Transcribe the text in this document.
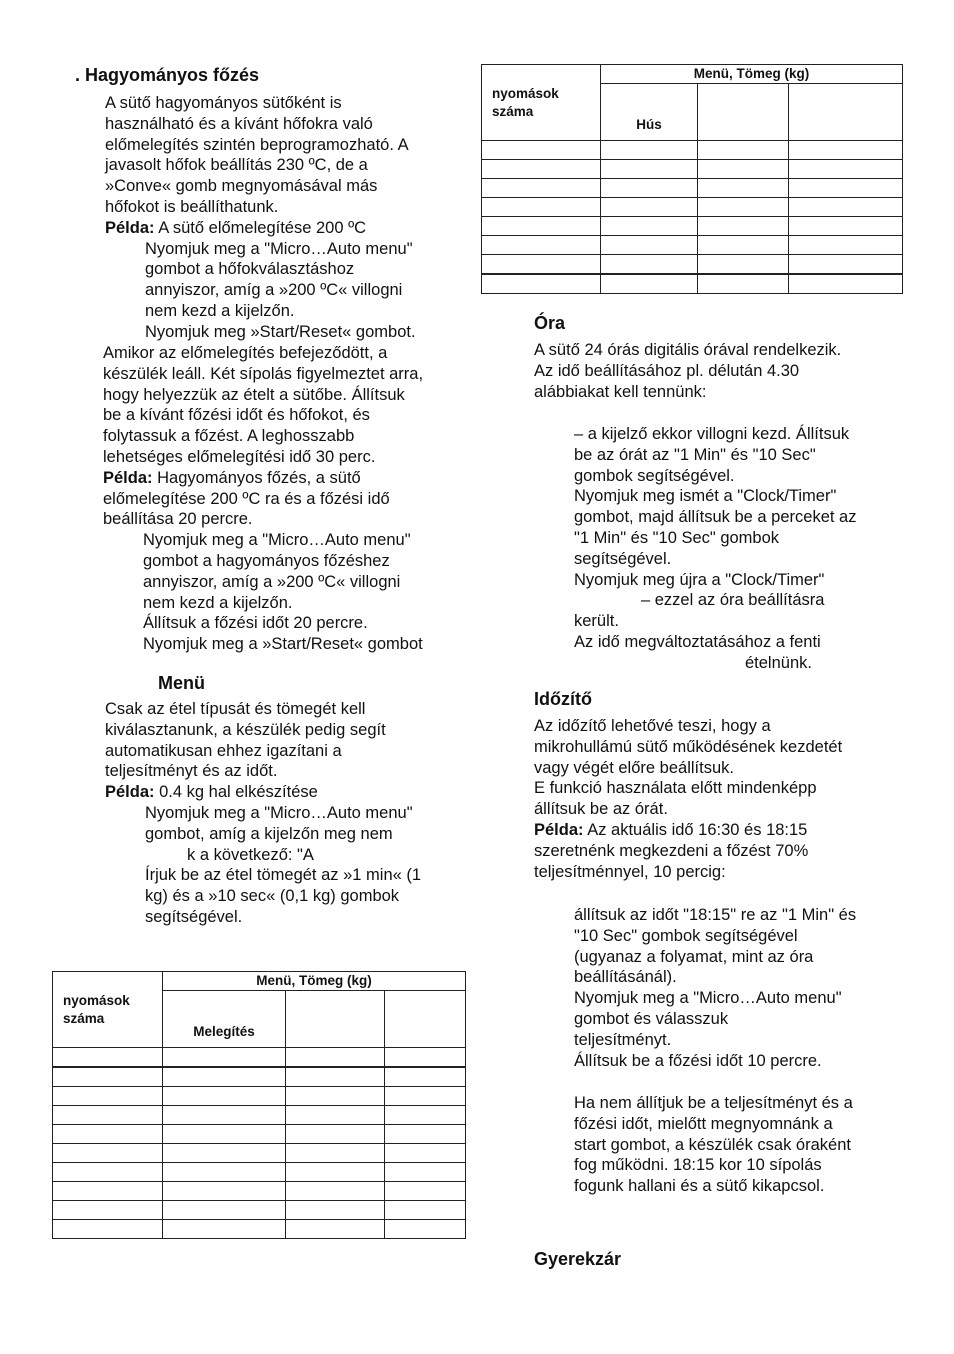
. Hagyományos főzés

A sütő hagyományos sütőként is

használható és a kívánt hőfokra való

előmelegítés szintén beprogramozható. A

javasolt hőfok beállítás 230 ºC, de a

»Conve« gomb megnyomásával más

hőfokot is beállíthatunk.

Példa: A sütő előmelegítése 200 ºC

Nyomjuk meg a "Micro…Auto menu"

gombot a hőfokválasztáshoz

annyiszor, amíg a »200 ºC« villogni

nem kezd a kijelzőn.

Nyomjuk meg »Start/Reset« gombot.

Amikor az előmelegítés befejeződött, a

készülék leáll. Két sípolás figyelmeztet arra,

hogy helyezzük az ételt a sütőbe. Állítsuk

be a kívánt főzési időt és hőfokot, és

folytassuk a főzést. A leghosszabb

lehetséges előmelegítési idő 30 perc.

Példa: Hagyományos főzés, a sütő

előmelegítése 200 ºC ra és a főzési idő

beállítása 20 percre.

Nyomjuk meg a "Micro…Auto menu"

gombot a hagyományos főzéshez

annyiszor, amíg a »200 ºC« villogni

nem kezd a kijelzőn.

Állítsuk a főzési időt 20 percre.

Nyomjuk meg a »Start/Reset« gombot

Menü

Csak az étel típusát és tömegét kell

kiválasztanunk, a készülék pedig segít

automatikusan ehhez igazítani a

teljesítményt és az időt.

Példa: 0.4 kg hal elkészítése

Nyomjuk meg a "Micro…Auto menu"

gombot, amíg a kijelzőn meg nem

k a következő: "A

Írjuk be az étel tömegét az »1 min« (1

kg) és a »10 sec« (0,1 kg) gombok

segítségével.

nyomások
száma	Menü, Tömeg (kg)		
	Melegítés		

nyomások
száma	Menü, Tömeg (kg)		
	Hús		

Óra

A sütő 24 órás digitális órával rendelkezik.

Az idő beállításához pl. délután 4.30

alábbiakat kell tennünk:

– a kijelző ekkor villogni kezd. Állítsuk

be az órát az "1 Min" és "10 Sec"

gombok segítségével.

Nyomjuk meg ismét a "Clock/Timer"

gombot, majd állítsuk be a perceket az

"1 Min" és "10 Sec" gombok

segítségével.

Nyomjuk meg újra a "Clock/Timer"

– ezzel az óra beállításra

került.

Az idő megváltoztatásához a fenti

ételnünk.

Időzítő

Az időzítő lehetővé teszi, hogy a

mikrohullámú sütő működésének kezdetét

vagy végét előre beállítsuk.

E funkció használata előtt mindenképp

állítsuk be az órát.

Példa: Az aktuális idő 16:30 és 18:15

szeretnénk megkezdeni a főzést 70%

teljesítménnyel, 10 percig:

állítsuk az időt "18:15" re az "1 Min" és

"10 Sec" gombok segítségével

(ugyanaz a folyamat, mint az óra

beállításánál).

Nyomjuk meg a "Micro…Auto menu"

gombot és válasszuk

teljesítményt.

Állítsuk be a főzési időt 10 percre.

Ha nem állítjuk be a teljesítményt és a

főzési időt, mielőtt megnyomnánk a

start gombot, a készülék csak óraként

fog működni. 18:15 kor 10 sípolás

fogunk hallani és a sütő kikapcsol.

Gyerekzár
